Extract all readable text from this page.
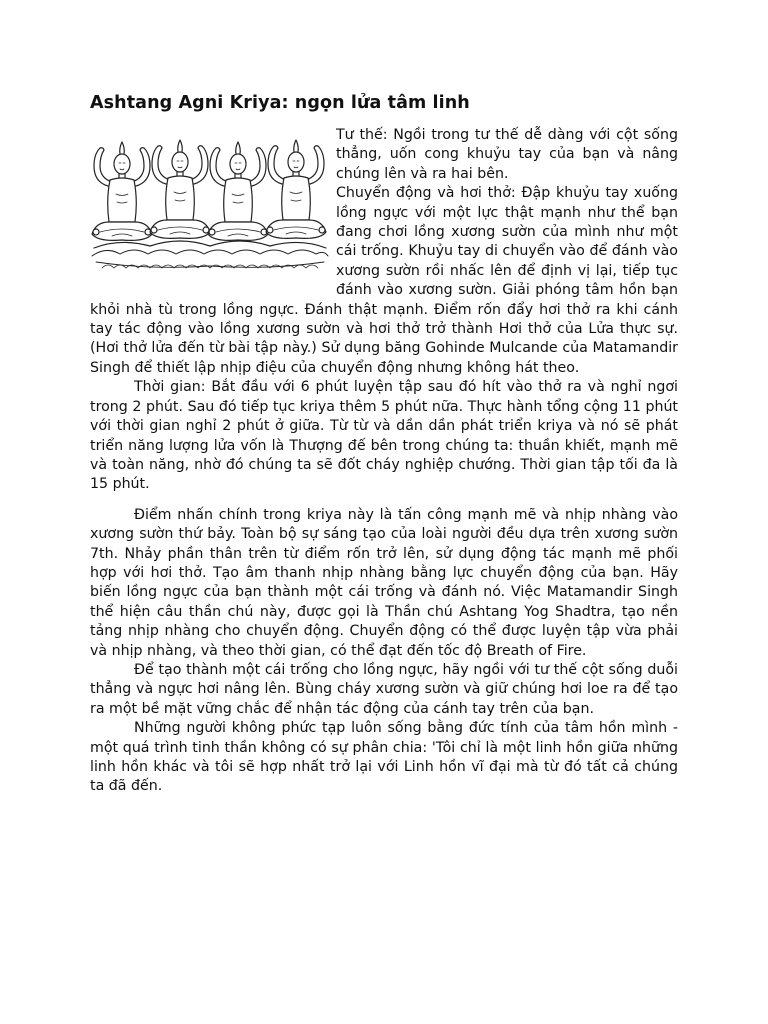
Ashtang Agni Kriya: ngọn lửa tâm linh

Tư thế: Ngồi trong tư thế dễ dàng với cột sống thẳng, uốn cong khuỷu tay của bạn và nâng chúng lên và ra hai bên.

Chuyển động và hơi thở: Đập khuỷu tay xuống lồng ngực với một lực thật mạnh như thể bạn đang chơi lồng xương sườn của mình như một cái trống. Khuỷu tay di chuyển vào để đánh vào xương sườn rồi nhấc lên để định vị lại, tiếp tục đánh vào xương sườn. Giải phóng tâm hồn bạn khỏi nhà tù trong lồng ngực. Đánh thật mạnh. Điểm rốn đẩy hơi thở ra khi cánh tay tác động vào lồng xương sườn và hơi thở trở thành Hơi thở của Lửa thực sự. (Hơi thở lửa đến từ bài tập này.) Sử dụng băng Gohinde Mulcande của Matamandir Singh để thiết lập nhịp điệu của chuyển động nhưng không hát theo.

Thời gian: Bắt đầu với 6 phút luyện tập sau đó hít vào thở ra và nghỉ ngơi trong 2 phút. Sau đó tiếp tục kriya thêm 5 phút nữa. Thực hành tổng cộng 11 phút với thời gian nghỉ 2 phút ở giữa. Từ từ và dần dần phát triển kriya và nó sẽ phát triển năng lượng lửa vốn là Thượng đế bên trong chúng ta: thuần khiết, mạnh mẽ và toàn năng, nhờ đó chúng ta sẽ đốt cháy nghiệp chướng. Thời gian tập tối đa là 15 phút.

Điểm nhấn chính trong kriya này là tấn công mạnh mẽ và nhịp nhàng vào xương sườn thứ bảy. Toàn bộ sự sáng tạo của loài người đều dựa trên xương sườn 7th. Nhảy phần thân trên từ điểm rốn trở lên, sử dụng động tác mạnh mẽ phối hợp với hơi thở. Tạo âm thanh nhịp nhàng bằng lực chuyển động của bạn. Hãy biến lồng ngực của bạn thành một cái trống và đánh nó. Việc Matamandir Singh thể hiện câu thần chú này, được gọi là Thần chú Ashtang Yog Shadtra, tạo nền tảng nhịp nhàng cho chuyển động. Chuyển động có thể được luyện tập vừa phải và nhịp nhàng, và theo thời gian, có thể đạt đến tốc độ Breath of Fire.

Để tạo thành một cái trống cho lồng ngực, hãy ngồi với tư thế cột sống duỗi thẳng và ngực hơi nâng lên. Bùng cháy xương sườn và giữ chúng hơi loe ra để tạo ra một bề mặt vững chắc để nhận tác động của cánh tay trên của bạn.

Những người không phức tạp luôn sống bằng đức tính của tâm hồn mình - một quá trình tinh thần không có sự phân chia: 'Tôi chỉ là một linh hồn giữa những linh hồn khác và tôi sẽ hợp nhất trở lại với Linh hồn vĩ đại mà từ đó tất cả chúng ta đã đến.
